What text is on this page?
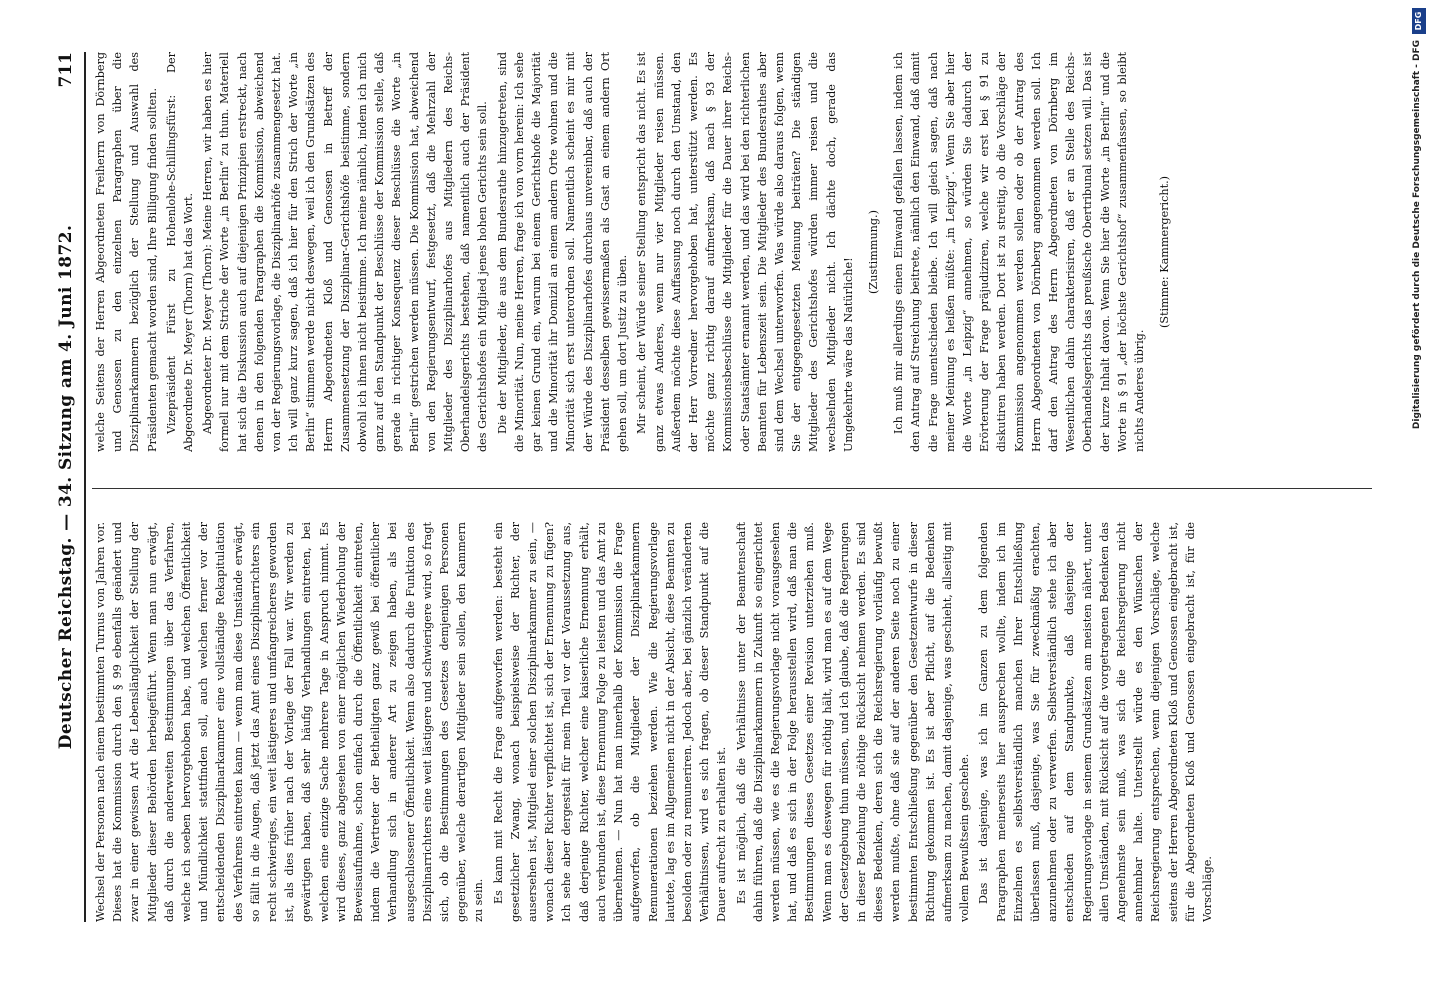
Deutscher Reichstag. — 34. Sitzung am 4. Juni 1872.
711

Wechsel der Personen nach einem bestimmten Turnus von Jahren vor. Dieses hat die Kommission durch den § 99 ebenfalls geändert und zwar in einer gewissen Art die Lebenslänglichkeit der Stellung der Mitglieder dieser Behörden herbeigeführt. Wenn man nun erwägt, daß durch die anderweiten Bestimmungen über das Verfahren, welche ich soeben hervorgehoben habe, und welchen Öffentlichkeit und Mündlichkeit stattfinden soll, auch welchen ferner vor der entscheidenden Disziplinarkammer eine vollständige Rekapitulation des Verfahrens eintreten kann — wenn man diese Umstände erwägt, so fällt in die Augen, daß jetzt das Amt eines Disziplinarrichters ein recht schwieriges, ein weit lästigeres und umfangreicheres geworden ist, als dies früher nach der Vorlage der Fall war. Wir werden zu gewärtigen haben, daß sehr häufig Verhandlungen eintreten, bei welchen eine einzige Sache mehrere Tage in Anspruch nimmt. Es wird dieses, ganz abgesehen von einer möglichen Wiederholung der Beweisaufnahme, schon einfach durch die Öffentlichkeit eintreten, indem die Vertreter der Betheiligten ganz gewiß bei öffentlicher Verhandlung sich in anderer Art zu zeigen haben, als bei ausgeschlossener Öffentlichkeit. Wenn also dadurch die Funktion des Disziplinarrichters eine weit lästigere und schwierigere wird, so fragt sich, ob die Bestimmungen des Gesetzes demjenigen Personen gegenüber, welche derartigen Mitglieder sein sollen, den Kammern zu sein. Es kann mit Recht die Frage aufgeworfen werden: besteht ein gesetzlicher Zwang, wonach beispielsweise der Richter, der ausersehen ist, Mitglied einer solchen Disziplinarkammer zu sein, — wonach dieser Richter verpflichtet ist, sich der Ernennung zu fügen? Ich sehe aber dergestalt für mein Theil vor der Voraussetzung aus, daß derjenige Richter, welcher eine kaiserliche Ernennung erhält, auch verbunden ist, diese Ernennung Folge zu leisten und das Amt zu übernehmen. — Nun hat man innerhalb der Kommission die Frage aufgeworfen, ob die Mitglieder der Disziplinarkammern Remunerationen beziehen werden. Wie die Regierungsvorlage lautete, lag es im Allgemeinen nicht in der Absicht, diese Beamten zu besolden oder zu remuneriren. Jedoch aber, bei gänzlich veränderten Verhältnissen, wird es sich fragen, ob dieser Standpunkt auf die Dauer aufrecht zu erhalten ist. Es ist möglich, daß die Verhältnisse unter der Beamtenschaft dahin führen, daß die Disziplinarkammern in Zukunft so eingerichtet werden müssen, wie es die Regierungsvorlage nicht vorausgesehen hat, und daß es sich in der Folge herausstellen wird, daß man die Bestimmungen dieses Gesetzes einer Revision unterziehen muß. Wenn man es deswegen für nöthig hält, wird man es auf dem Wege der Gesetzgebung thun müssen, und ich glaube, daß die Regierungen in dieser Beziehung die nöthige Rücksicht nehmen werden. Es sind dieses Bedenken, deren sich die Reichsregierung vorläufig bewußt werden mußte, ohne daß sie auf der anderen Seite noch zu einer bestimmten Entschließung gegenüber den Gesetzentwurfe in dieser Richtung gekommen ist. Es ist aber Pflicht, auf die Bedenken aufmerksam zu machen, damit dasjenige, was geschieht, allseitig mit vollem Bewußtsein geschehe. Das ist dasjenige, was ich im Ganzen zu dem folgenden Paragraphen meinerseits hier aussprechen wollte, indem ich im Einzelnen es selbstverständlich manchen Ihrer Entschließung überlassen muß, dasjenige, was Sie für zweckmäßig erachten, anzunehmen oder zu verwerfen. Selbstverständlich stehe ich aber entschieden auf dem Standpunkte, daß dasjenige der Regierungsvorlage in seinem Grundsätzen am meisten nähert, unter allen Umständen, mit Rücksicht auf die vorgetragenen Bedenken das Angenehmste sein muß, was sich die Reichsregierung nicht annehmbar halte. Unterstellt würde es den Wünschen der Reichsregierung entsprechen, wenn diejenigen Vorschläge, welche seitens der Herren Abgeordneten Kloß und Genossen eingebracht ist, für die Abgeordneten Kloß und Genossen eingebracht ist, für die Vorschläge.

welche Seitens der Herren Abgeordneten Freiherrn von Dörnberg und Genossen zu den einzelnen Paragraphen über die Disziplinarkammern bezüglich der Stellung und Auswahl des Präsidenten gemacht worden sind, Ihre Billigung finden sollten. Vizepräsident Fürst zu Hohenlohe-Schillingsfürst: Der Abgeordnete Dr. Meyer (Thorn) hat das Wort. Abgeordneter Dr. Meyer (Thorn): Meine Herren, wir haben es hier formell nur mit dem Striche der Worte „in Berlin“ zu thun. Materiell hat sich die Diskussion auch auf diejenigen Prinzipien erstreckt, nach denen in den folgenden Paragraphen die Kommission, abweichend von der Regierungsvorlage, die Disziplinarhöfe zusammengesetzt hat. Ich will ganz kurz sagen, daß ich hier für den Strich der Worte „in Berlin“ stimmen werde nicht deswegen, weil ich den Grundsätzen des Herrn Abgeordneten Kloß und Genossen in Betreff der Zusammensetzung der Disziplinar-Gerichtshöfe beistimme, sondern obwohl ich ihnen nicht beistimme. Ich meine nämlich, indem ich mich ganz auf den Standpunkt der Beschlüsse der Kommission stelle, daß gerade in richtiger Konsequenz dieser Beschlüsse die Worte „in Berlin“ gestrichen werden müssen. Die Kommission hat, abweichend von den Regierungsentwurf, festgesetzt, daß die Mehrzahl der Mitglieder des Disziplinarhofes aus Mitgliedern des Reichs-Oberhandelsgerichts bestehen, daß namentlich auch der Präsident des Gerichtshofes ein Mitglied jenes hohen Gerichts sein soll. Die der Mitglieder, die aus dem Bundesrathe hinzugetreten, sind die Minorität. Nun, meine Herren, frage ich von vorn herein: Ich sehe gar keinen Grund ein, warum bei einem Gerichtshofe die Majorität und die Minorität ihr Domizil an einem andern Orte wohnen und die Minorität sich erst unterordnen soll. Namentlich scheint es mir mit der Würde des Disziplinarhofes durchaus unvereinbar, daß auch der Präsident desselben gewissermaßen als Gast an einem andern Ort gehen soll, um dort Justiz zu üben. Mir scheint, der Würde seiner Stellung entspricht das nicht. Es ist ganz etwas Anderes, wenn nur vier Mitglieder reisen müssen. Außerdem möchte diese Auffassung noch durch den Umstand, den der Herr Vorredner hervorgehoben hat, unterstützt werden. Es möchte ganz richtig darauf aufmerksam, daß nach § 93 der Kommissionsbeschlüsse die Mitglieder für die Dauer ihrer Reichs- oder Staatsämter ernannt werden, und das wird bei den richterlichen Beamten für Lebenszeit sein. Die Mitglieder des Bundesrathes aber sind dem Wechsel unterworfen. Was würde also daraus folgen, wenn Sie der entgegengesetzten Meinung beiträten? Die ständigen Mitglieder des Gerichtshofes würden immer reisen und die wechselnden Mitglieder nicht. Ich dächte doch, gerade das Umgekehrte wäre das Natürliche!

(Zustimmung.) Ich muß mir allerdings einen Einwand gefallen lassen, indem ich den Antrag auf Streichung beitrete, nämlich den Einwand, daß damit die Frage unentschieden bleibe. Ich will gleich sagen, daß nach meiner Meinung es heißen müßte: „in Leipzig“. Wenn Sie aber hier die Worte „in Leipzig“ annehmen, so würden Sie dadurch der Erörterung der Frage präjudiziren, welche wir erst bei § 91 zu diskutiren haben werden. Dort ist zu streitig, ob die Vorschläge der Kommission angenommen werden sollen oder ob der Antrag des Herrn Abgeordneten von Dörnberg angenommen werden soll. Ich darf den Antrag des Herrn Abgeordneten von Dörnberg im Wesentlichen dahin charakterisiren, daß er an Stelle des Reichs-Oberhandelsgerichts das preußische Obertribunal setzen will. Das ist der kurze Inhalt davon. Wenn Sie hier die Worte „in Berlin“ und die Worte in § 91 „der höchste Gerichtshof“ zusammenfassen, so bleibt nichts Anderes übrig.

(Stimme: Kammergericht.)	Digitalisierung gefördert durch die Deutsche Forschungsgemeinschaft - DFG
DFG
